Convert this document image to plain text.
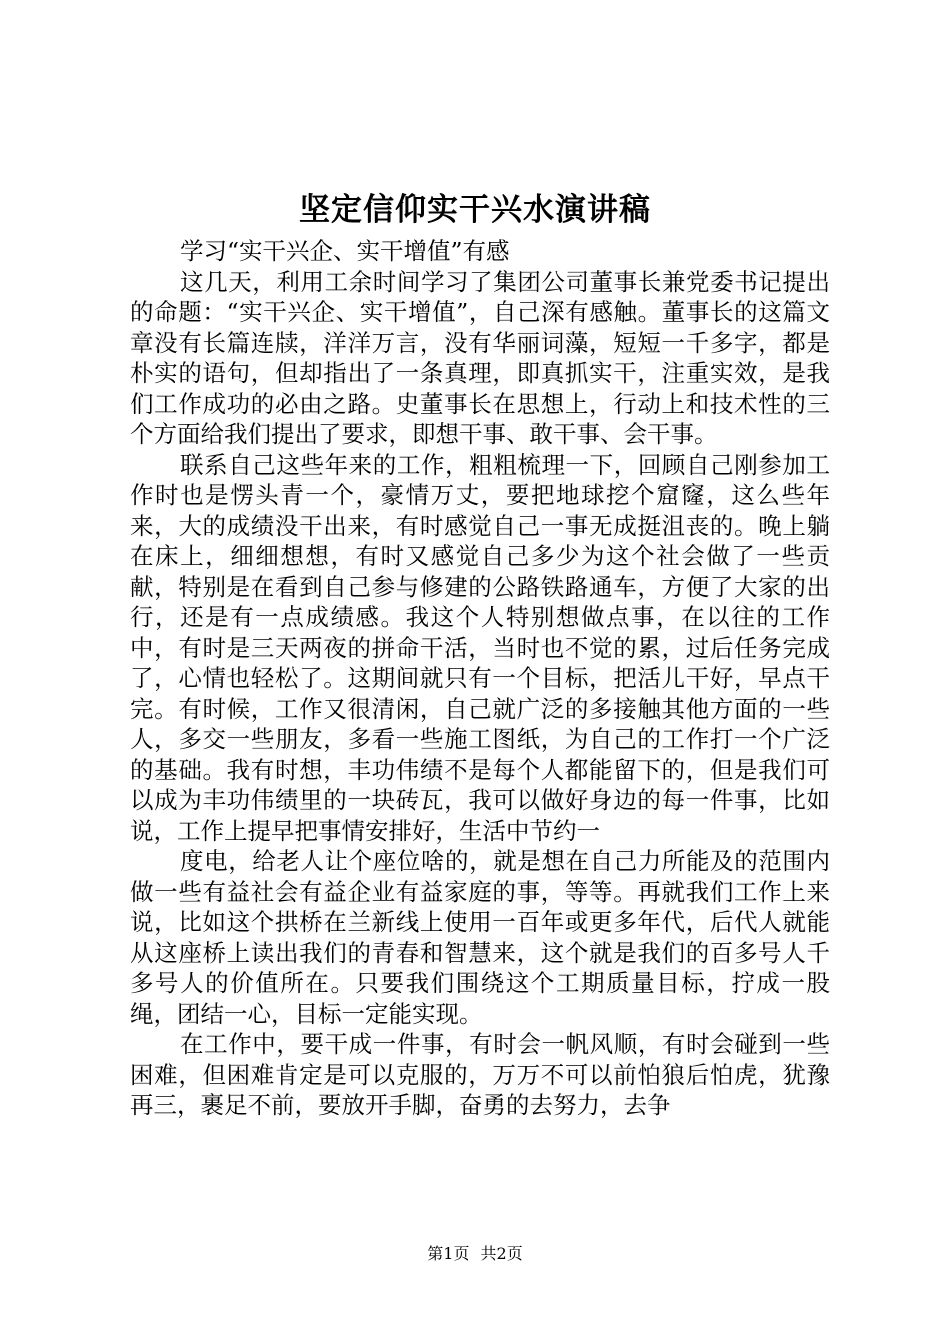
坚定信仰实干兴水演讲稿

学习“实干兴企、实干增值”有感

这几天，利用工余时间学习了集团公司董事长兼党委书记提出的命题：“实干兴企、实干增值”，自己深有感触。董事长的这篇文章没有长篇连牍，洋洋万言，没有华丽词藻，短短一千多字，都是朴实的语句，但却指出了一条真理，即真抓实干，注重实效，是我们工作成功的必由之路。史董事长在思想上，行动上和技术性的三个方面给我们提出了要求，即想干事、敢干事、会干事。

联系自己这些年来的工作，粗粗梳理一下，回顾自己刚参加工作时也是愣头青一个，豪情万丈，要把地球挖个窟窿，这么些年来，大的成绩没干出来，有时感觉自己一事无成挺沮丧的。晚上躺在床上，细细想想，有时又感觉自己多少为这个社会做了一些贡献，特别是在看到自己参与修建的公路铁路通车，方便了大家的出行，还是有一点成绩感。我这个人特别想做点事，在以往的工作中，有时是三天两夜的拼命干活，当时也不觉的累，过后任务完成了，心情也轻松了。这期间就只有一个目标，把活儿干好，早点干完。有时候，工作又很清闲，自己就广泛的多接触其他方面的一些人，多交一些朋友，多看一些施工图纸，为自己的工作打一个广泛的基础。我有时想，丰功伟绩不是每个人都能留下的，但是我们可以成为丰功伟绩里的一块砖瓦，我可以做好身边的每一件事，比如说，工作上提早把事情安排好，生活中节约一

度电，给老人让个座位啥的，就是想在自己力所能及的范围内做一些有益社会有益企业有益家庭的事，等等。再就我们工作上来说，比如这个拱桥在兰新线上使用一百年或更多年代，后代人就能从这座桥上读出我们的青春和智慧来，这个就是我们的百多号人千多号人的价值所在。只要我们围绕这个工期质量目标，拧成一股绳，团结一心，目标一定能实现。

在工作中，要干成一件事，有时会一帆风顺，有时会碰到一些困难，但困难肯定是可以克服的，万万不可以前怕狼后怕虎，犹豫再三，裹足不前，要放开手脚，奋勇的去努力，去争

第1页 共2页
